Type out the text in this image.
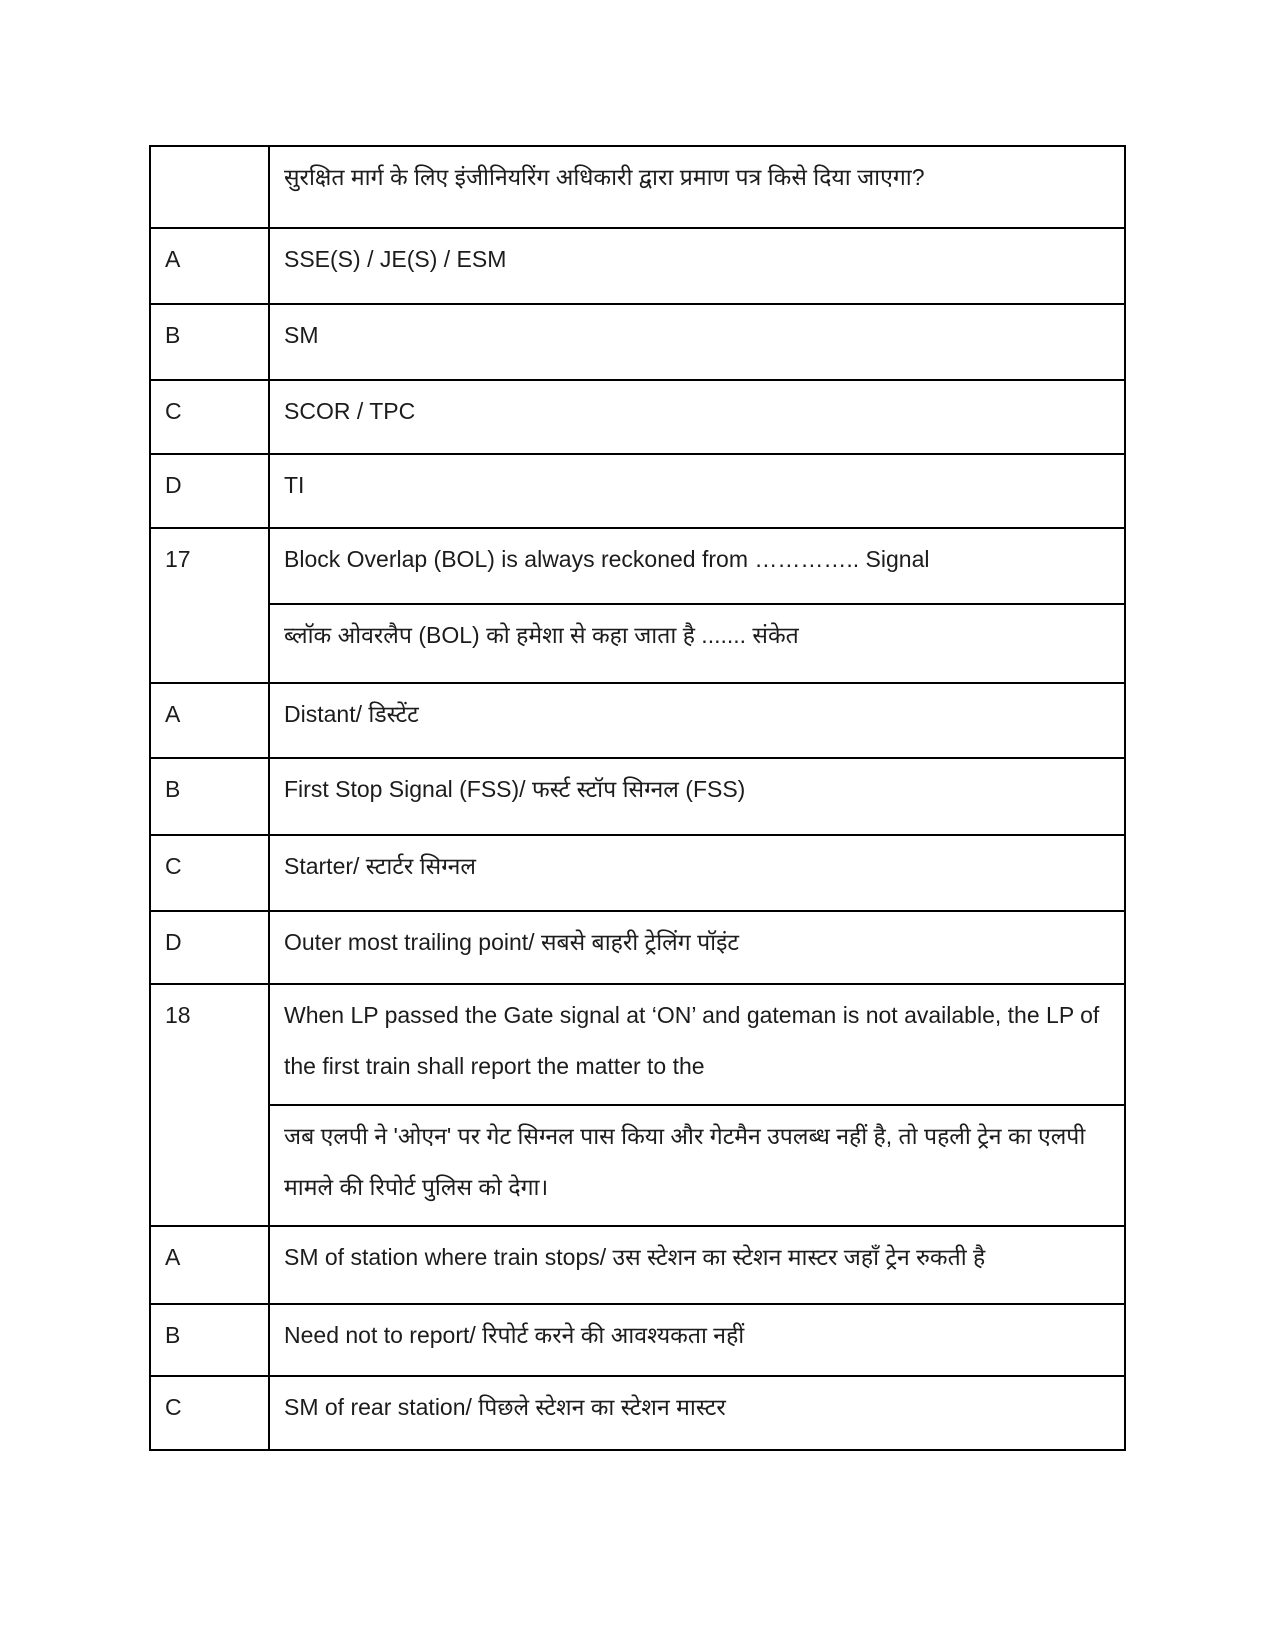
	सुरक्षित मार्ग के लिए इंजीनियरिंग अधिकारी द्वारा प्रमाण पत्र किसे दिया जाएगा?
A	SSE(S) / JE(S) / ESM
B	SM
C	SCOR / TPC
D	TI
17	Block Overlap (BOL) is always reckoned from ………….. Signal
	ब्लॉक ओवरलैप (BOL) को हमेशा से कहा जाता है ....... संकेत
A	Distant/ डिस्टेंट
B	First Stop Signal (FSS)/ फर्स्ट स्टॉप सिग्नल (FSS)
C	Starter/ स्टार्टर सिग्नल
D	Outer most trailing point/ सबसे बाहरी ट्रेलिंग पॉइंट
18	When LP passed the Gate signal at ‘ON’ and gateman is not available, the LP of the first train shall report the matter to the
	जब एलपी ने 'ओएन' पर गेट सिग्नल पास किया और गेटमैन उपलब्ध नहीं है, तो पहली ट्रेन का एलपी मामले की रिपोर्ट पुलिस को देगा।
A	SM of station where train stops/ उस स्टेशन का स्टेशन मास्टर जहाँ ट्रेन रुकती है
B	Need not to report/ रिपोर्ट करने की आवश्यकता नहीं
C	SM of rear station/ पिछले स्टेशन का स्टेशन मास्टर
